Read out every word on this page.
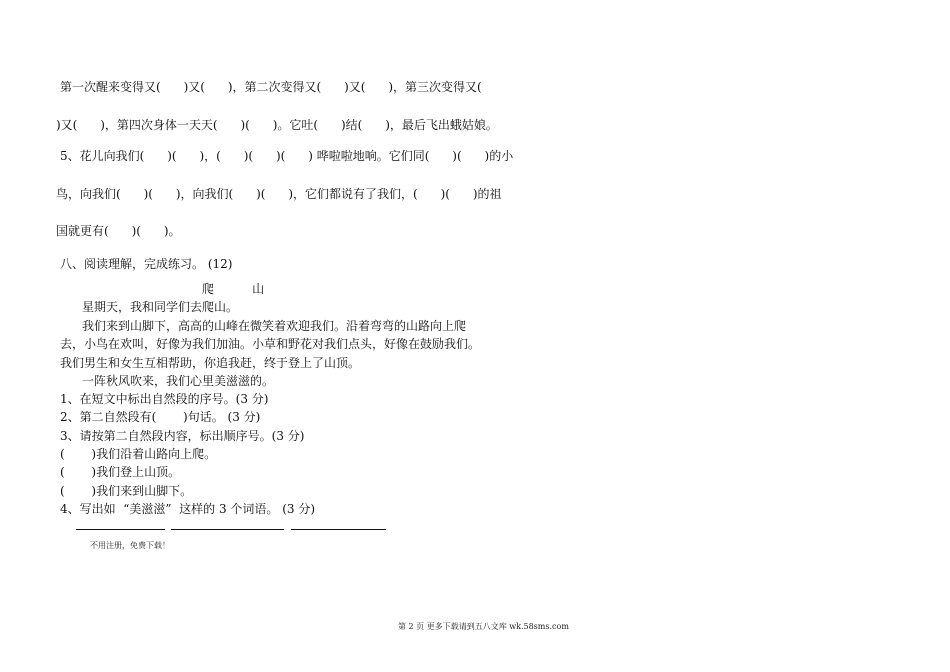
第一次醒来变得又(      )又(      )，第二次变得又(      )又(      )，第三次变得又(
)又(      )，第四次身体一天天(      )(      )。它吐(      )结(      )，最后飞出蛾姑娘。
5、花儿向我们(      )(      )，(      )(      )(      ) 哗啦啦地响。它们同(      )(      )的小
鸟，向我们(      )(      )，向我们(      )(      )，它们都说有了我们，(      )(      )的祖
国就更有(      )(      )。
八、阅读理解，完成练习。 (12)
爬          山
星期天，我和同学们去爬山。
我们来到山脚下，高高的山峰在微笑着欢迎我们。沿着弯弯的山路向上爬
去，小鸟在欢叫，好像为我们加油。小草和野花对我们点头，好像在鼓励我们。
我们男生和女生互相帮助，你追我赶，终于登上了山顶。
一阵秋风吹来，我们心里美滋滋的。
1、在短文中标出自然段的序号。(3 分)
2、第二自然段有(       )句话。 (3 分)
3、请按第二自然段内容，标出顺序号。(3 分)
(       )我们沿着山路向上爬。
(       )我们登上山顶。
(       )我们来到山脚下。
4、写出如  “美滋滋”  这样的 3 个词语。 (3 分)
不用注册，免费下载！
第 2 页 更多下载请到五八文库 wk.58sms.com
